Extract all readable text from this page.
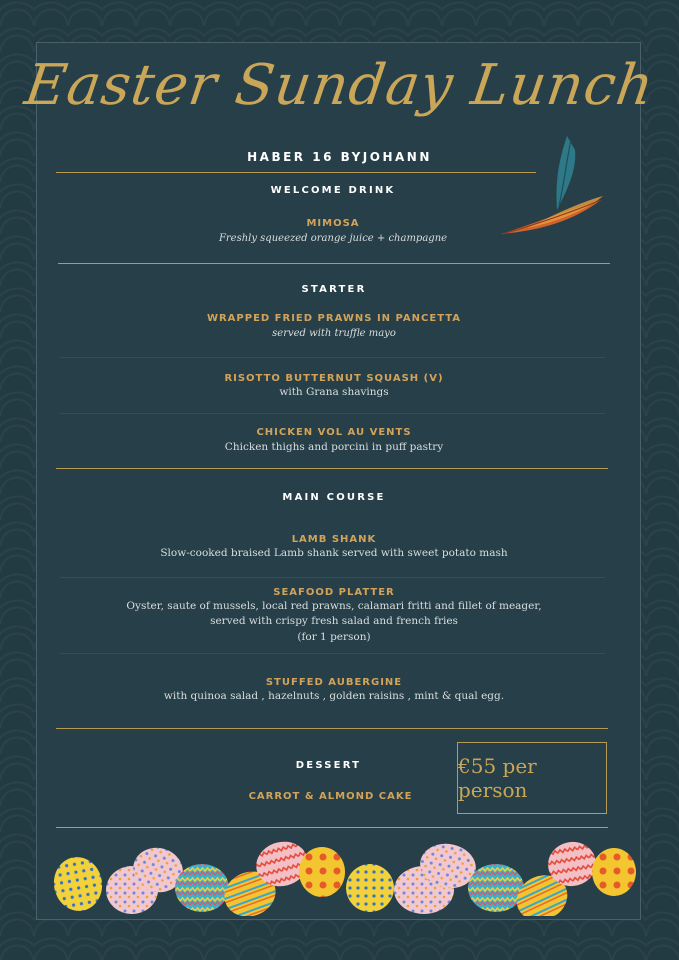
Easter Sunday Lunch
HABER 16 BYJOHANN
WELCOME DRINK
MIMOSA
Freshly squeezed orange juice + champagne
STARTER
WRAPPED FRIED PRAWNS IN PANCETTA
served with truffle mayo
RISOTTO BUTTERNUT SQUASH (V)
with Grana shavings
CHICKEN VOL AU VENTS
Chicken thighs and porcini in puff pastry
MAIN COURSE
LAMB SHANK
Slow-cooked braised Lamb shank served with sweet potato mash
SEAFOOD PLATTER
Oyster, saute of mussels, local red prawns, calamari fritti and fillet of meager,
served with crispy fresh salad and french fries
(for 1 person)
STUFFED AUBERGINE
with quinoa salad , hazelnuts , golden raisins , mint & qual egg.
DESSERT
CARROT & ALMOND CAKE
€55 per person
